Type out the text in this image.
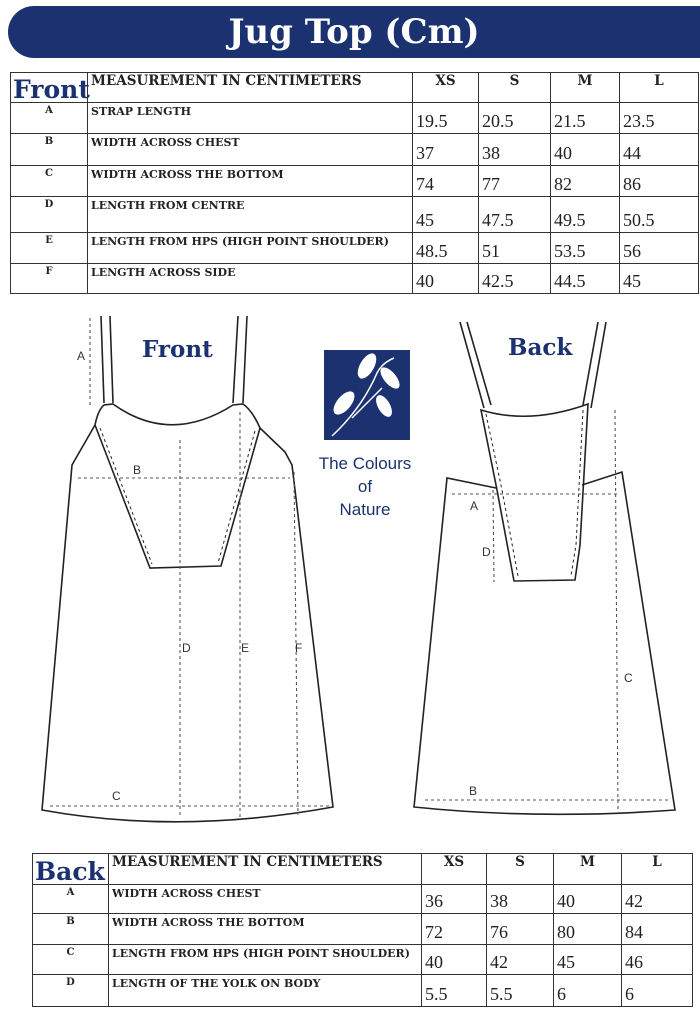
Jug Top (Cm)
Front	MEASUREMENT IN CENTIMETERS	XS	S	M	L
A	STRAP LENGTH	19.5	20.5	21.5	23.5
B	WIDTH ACROSS CHEST	37	38	40	44
C	WIDTH ACROSS THE BOTTOM	74	77	82	86
D	LENGTH FROM CENTRE	45	47.5	49.5	50.5
E	LENGTH FROM HPS (HIGH POINT SHOULDER)	48.5	51	53.5	56
F	LENGTH ACROSS SIDE	40	42.5	44.5	45
A
B
C
D	E	F
Front
The Colours
of
Nature	A
B
C
D
Back
Back	MEASUREMENT IN CENTIMETERS	XS	S	M	L
A	WIDTH ACROSS CHEST	36	38	40	42
B	WIDTH ACROSS THE BOTTOM	72	76	80	84
C	LENGTH FROM HPS (HIGH POINT SHOULDER)	40	42	45	46
D	LENGTH OF THE YOLK ON BODY	5.5	5.5	6	6
